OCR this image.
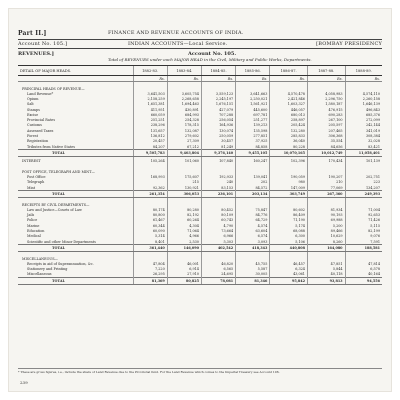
Part II.]	FINANCE AND REVENUE ACCOUNTS OF INDIA.
Account No. 105.]	INDIAN ACCOUNTS—Local Service.	[BOMBAY PRESIDENCY
REVENUES.]	Account No. 105.
Total of REVENUES under each MAJOR HEAD in the Civil, Military and Public Works, Departments.
DETAIL OF MAJOR HEADS.	1882-83.	1883-84.	1884-85.	1885-86.	1886-87.	1887-88.	1888-89.
	Rs.	Rs.	Rs.	Rs.	Rs.	Rs.	Rs.
PRINCIPAL HEADS OF REVENUE—							
Land Revenue*	3,641,503	3,605,754	3,559,123	3,641,663	4,570,478	4,058,983	4,574,110
Opium	2,158,259	2,268,658	2,245,197	2,250,021	2,421,846	2,296,750	2,260,158
Salt	1,651,381	1,694,463	1,676,151	1,561,921	1,603,327	1,580,187	1,646,139
Stamps	411,951	430,891	427,079	445,600	446,057	476,915	496,843
Excise	660,059	684,993	707,288	697,781	680,013	690,283	685,376
Provincial Rates	251,251	254,328	256,054	251,277	258,897	267,100	272,099
Customs	238,296	178,315	164,936	139,213	205,424	205,597	242,144
Assessed Taxes	131,657	132,087	130,074	135,598	132,280	207,465	341,019
Forest	136,812	279,602	250,059	277,851	285,833	306,368	308,384
Registration	20,457	27,309	30,457	37,925	36,040	35,554	32,028
Tributes from Native States	84,207	67,212	81,249	84,858	80,228	84,656	83,421
TOTAL	9,505,783	9,403,804	9,376,140	9,455,105	10,070,165	10,012,749	11,058,401
INTEREST	105,264	101,060	107,840	160,247	102,396	170,434	101,139
POST OFFICE, TELEGRAPH AND MINT—							
Post Office	168,993	175,607	192,933	139,041	190,059	190,207	202,751
Telegraph		215	240	202	980	210	223
Mint	92,362	130,921	83,153	84,572	147,009	77,069	134,207
TOTAL	261,354	306,053	236,101	203,134	303,749	267,360	249,393
RECEIPTS BY CIVIL DEPARTMENTS—							
Law and Justice—Courts of Law	80,174	80,280	80,452	75,847	80,602	81,934	71,004
Jails	80,800	82,192	80,109	84,776	86,409	90,193	92,653
Police	61,467	60,264	60,743	64,729	71,190	69,988	71,426
Marine	60,344	4,304	4,790	4,574	5,174	5,200	5,115
Education	60,090	71,064	73,664	63,604	68,088	89,466	82,199
Medical	5,314	4,966	6,966	6,574	6,300	10,629	9,076
Scientific and other Minor Departments	8,401	2,530	5,303	3,093	5,106	8,260	7,591
TOTAL	361,440	146,090	402,542	418,343	440,808	164,080	188,581
MISCELLANEOUS—							
Receipts in aid of Superannuation, &c.	47,804	46,001	46,820	45,755	46,457	47,851	47,814
Stationery and Printing	7,220	6,914	6,565	5,587	6,324	5,844	6,578
Miscellaneous	26,295	27,910	24,695	30,005	43,061	40,118	40,164
TOTAL	81,369	80,825	78,081	81,346	95,842	93,813	94,556
* These are gross figures, i.e., include the share of Land Revenue due to the Provincial fund. For the Land Revenue which comes to the Imperial Treasury see Account 106.
239
